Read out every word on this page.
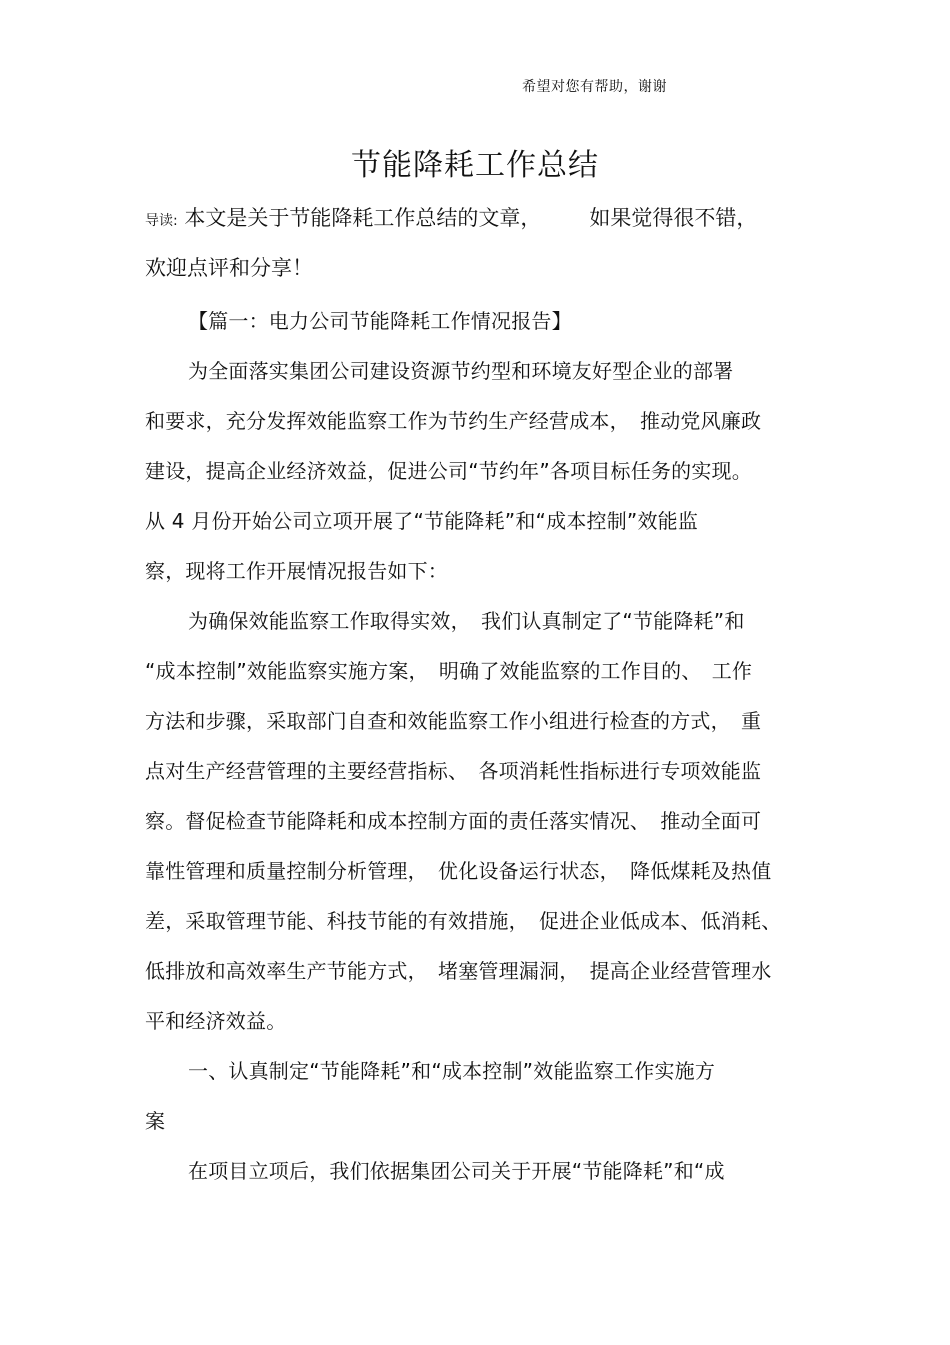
希望对您有帮助，谢谢
节能降耗工作总结
导读: 本文是关于节能降耗工作总结的文章， 如果觉得很不错，
欢迎点评和分享！
【篇一：电力公司节能降耗工作情况报告】
为全面落实集团公司建设资源节约型和环境友好型企业的部署
和要求，充分发挥效能监察工作为节约生产经营成本，　推动党风廉政
建设，提高企业经济效益，促进公司“节约年”各项目标任务的实现。
从 4 月份开始公司立项开展了“节能降耗”和“成本控制”效能监
察，现将工作开展情况报告如下：
为确保效能监察工作取得实效，　我们认真制定了“节能降耗”和
“成本控制”效能监察实施方案，　明确了效能监察的工作目的、　工作
方法和步骤，采取部门自查和效能监察工作小组进行检查的方式，　重
点对生产经营管理的主要经营指标、　各项消耗性指标进行专项效能监
察。督促检查节能降耗和成本控制方面的责任落实情况、　推动全面可
靠性管理和质量控制分析管理，　优化设备运行状态，　降低煤耗及热值
差，采取管理节能、科技节能的有效措施，　促进企业低成本、低消耗、
低排放和高效率生产节能方式，　堵塞管理漏洞，　提高企业经营管理水
平和经济效益。
一、认真制定“节能降耗”和“成本控制”效能监察工作实施方
案
在项目立项后，我们依据集团公司关于开展“节能降耗”和“成
